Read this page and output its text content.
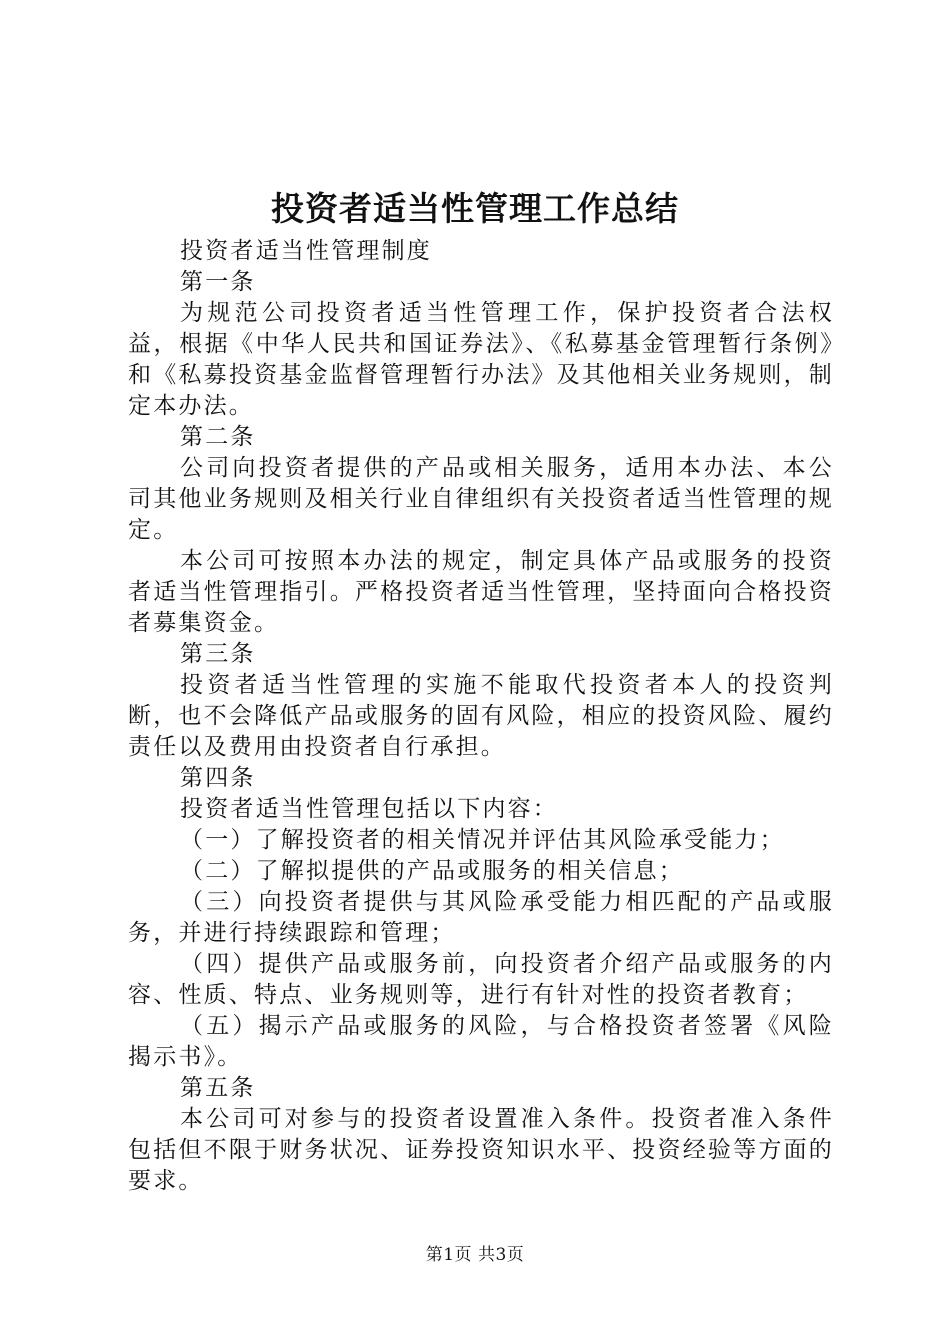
投资者适当性管理工作总结

投资者适当性管理制度

第一条

为规范公司投资者适当性管理工作，保护投资者合法权益，根据《中华人民共和国证券法》、《私募基金管理暂行条例》和《私募投资基金监督管理暂行办法》及其他相关业务规则，制定本办法。

第二条

公司向投资者提供的产品或相关服务，适用本办法、本公司其他业务规则及相关行业自律组织有关投资者适当性管理的规定。

本公司可按照本办法的规定，制定具体产品或服务的投资者适当性管理指引。严格投资者适当性管理，坚持面向合格投资者募集资金。

第三条

投资者适当性管理的实施不能取代投资者本人的投资判断，也不会降低产品或服务的固有风险，相应的投资风险、履约责任以及费用由投资者自行承担。

第四条

投资者适当性管理包括以下内容：

（一）了解投资者的相关情况并评估其风险承受能力；

（二）了解拟提供的产品或服务的相关信息；

（三）向投资者提供与其风险承受能力相匹配的产品或服务，并进行持续跟踪和管理；

（四）提供产品或服务前，向投资者介绍产品或服务的内容、性质、特点、业务规则等，进行有针对性的投资者教育；

（五）揭示产品或服务的风险，与合格投资者签署《风险揭示书》。

第五条

本公司可对参与的投资者设置准入条件。投资者准入条件包括但不限于财务状况、证券投资知识水平、投资经验等方面的要求。

第1页 共3页
